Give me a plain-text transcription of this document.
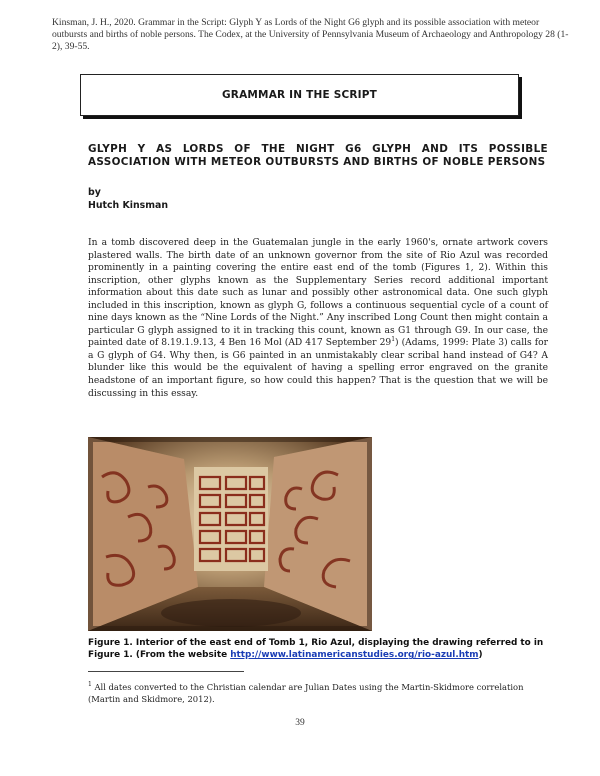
Kinsman, J. H., 2020. Grammar in the Script: Glyph Y as Lords of the Night G6 glyph and its possible association with meteor outbursts and births of noble persons. The Codex, at the University of Pennsylvania Museum of Archaeology and Anthropology 28 (1-2), 39-55.
GRAMMAR IN THE SCRIPT
GLYPH Y AS LORDS OF THE NIGHT G6 GLYPH AND ITS POSSIBLE ASSOCIATION WITH METEOR OUTBURSTS AND BIRTHS OF NOBLE PERSONS
by
Hutch Kinsman
In a tomb discovered deep in the Guatemalan jungle in the early 1960's, ornate artwork covers plastered walls. The birth date of an unknown governor from the site of Rio Azul was recorded prominently in a painting covering the entire east end of the tomb (Figures 1, 2). Within this inscription, other glyphs known as the Supplementary Series record additional important information about this date such as lunar and possibly other astronomical data. One such glyph included in this inscription, known as glyph G, follows a continuous sequential cycle of a count of nine days known as the “Nine Lords of the Night.” Any inscribed Long Count then might contain a particular G glyph assigned to it in tracking this count, known as G1 through G9. In our case, the painted date of 8.19.1.9.13, 4 Ben 16 Mol (AD 417 September $29^1$) (Adams, 1999: Plate 3) calls for a G glyph of G4. Why then, is G6 painted in an unmistakably clear scribal hand instead of G4? A blunder like this would be the equivalent of having a spelling error engraved on the granite headstone of an important figure, so how could this happen? That is the question that we will be discussing in this essay.
Figure 1. Interior of the east end of Tomb 1, Rio Azul, displaying the drawing referred to in Figure 1. (From the website http://www.latinamericanstudies.org/rio-azul.htm)
$^1$ All dates converted to the Christian calendar are Julian Dates using the Martin-Skidmore correlation (Martin and Skidmore, 2012).
39
